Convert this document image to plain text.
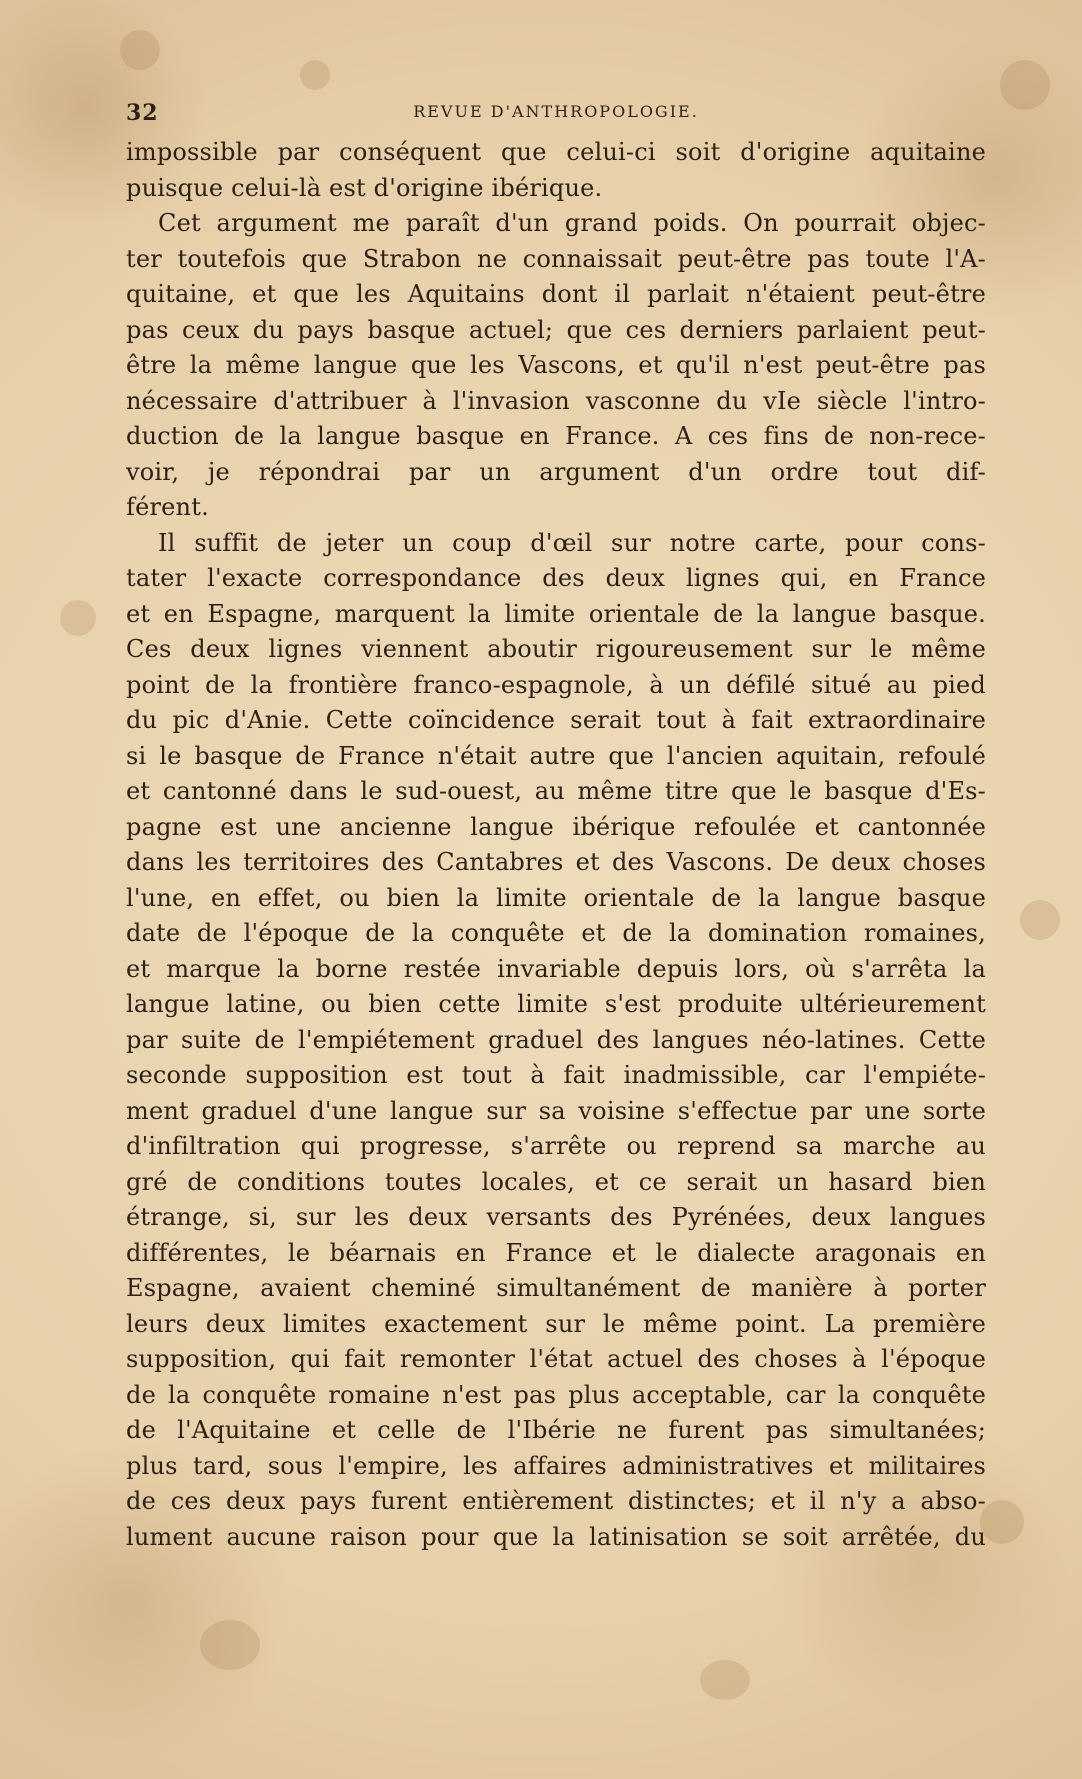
32	REVUE D'ANTHROPOLOGIE.
impossible par conséquent que celui-ci soit d'origine aquitaine
puisque celui-là est d'origine ibérique.
Cet argument me paraît d'un grand poids. On pourrait objec-
ter toutefois que Strabon ne connaissait peut-être pas toute l'A-
quitaine, et que les Aquitains dont il parlait n'étaient peut-être
pas ceux du pays basque actuel; que ces derniers parlaient peut-
être la même langue que les Vascons, et qu'il n'est peut-être pas
nécessaire d'attribuer à l'invasion vasconne du vIe siècle l'intro-
duction de la langue basque en France. A ces fins de non-rece-
voir, je répondrai par un argument d'un ordre tout dif-
férent.
Il suffit de jeter un coup d'œil sur notre carte, pour cons-
tater l'exacte correspondance des deux lignes qui, en France
et en Espagne, marquent la limite orientale de la langue basque.
Ces deux lignes viennent aboutir rigoureusement sur le même
point de la frontière franco-espagnole, à un défilé situé au pied
du pic d'Anie. Cette coïncidence serait tout à fait extraordinaire
si le basque de France n'était autre que l'ancien aquitain, refoulé
et cantonné dans le sud-ouest, au même titre que le basque d'Es-
pagne est une ancienne langue ibérique refoulée et cantonnée
dans les territoires des Cantabres et des Vascons. De deux choses
l'une, en effet, ou bien la limite orientale de la langue basque
date de l'époque de la conquête et de la domination romaines,
et marque la borne restée invariable depuis lors, où s'arrêta la
langue latine, ou bien cette limite s'est produite ultérieurement
par suite de l'empiétement graduel des langues néo-latines. Cette
seconde supposition est tout à fait inadmissible, car l'empiéte-
ment graduel d'une langue sur sa voisine s'effectue par une sorte
d'infiltration qui progresse, s'arrête ou reprend sa marche au
gré de conditions toutes locales, et ce serait un hasard bien
étrange, si, sur les deux versants des Pyrénées, deux langues
différentes, le béarnais en France et le dialecte aragonais en
Espagne, avaient cheminé simultanément de manière à porter
leurs deux limites exactement sur le même point. La première
supposition, qui fait remonter l'état actuel des choses à l'époque
de la conquête romaine n'est pas plus acceptable, car la conquête
de l'Aquitaine et celle de l'Ibérie ne furent pas simultanées;
plus tard, sous l'empire, les affaires administratives et militaires
de ces deux pays furent entièrement distinctes; et il n'y a abso-
lument aucune raison pour que la latinisation se soit arrêtée, du
